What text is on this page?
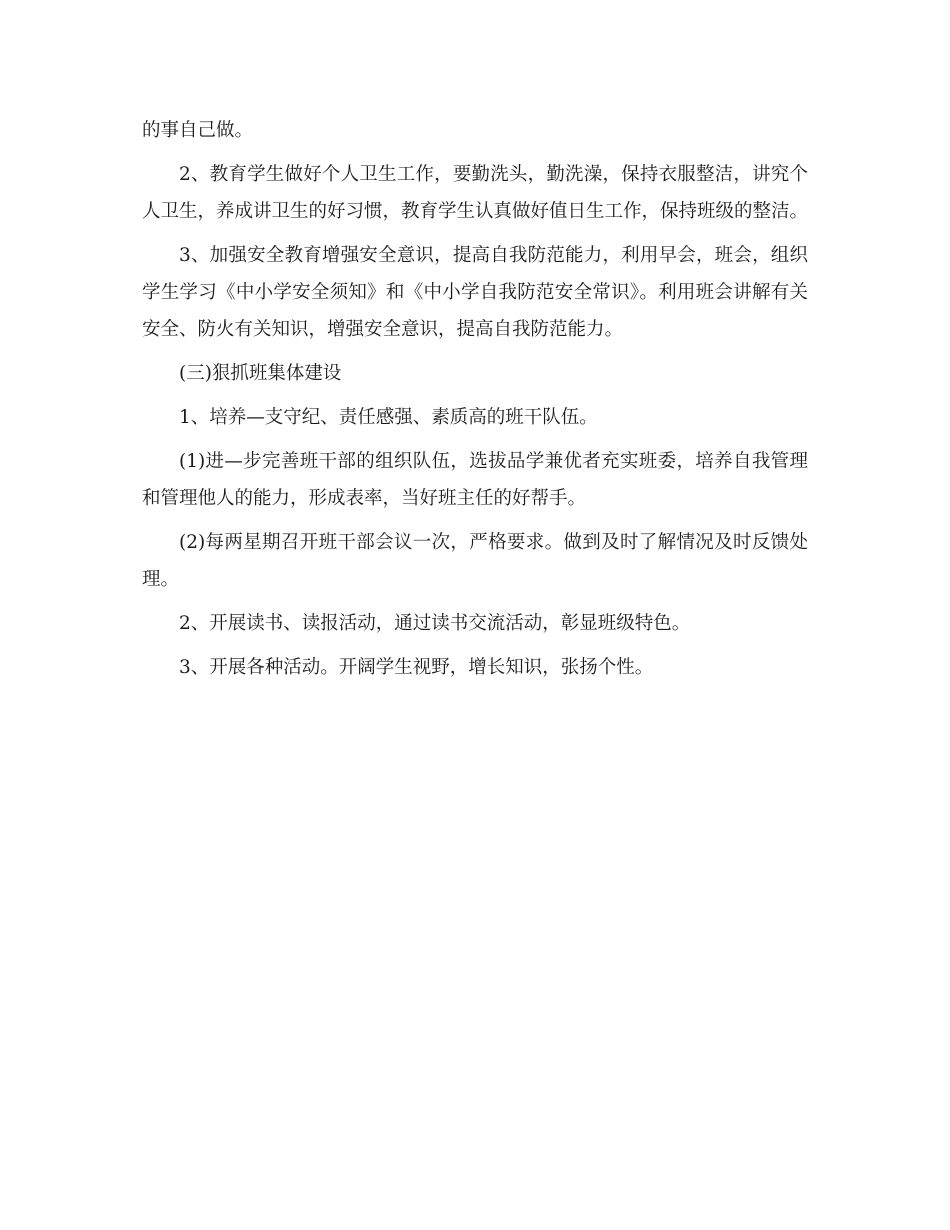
的事自己做。

2、教育学生做好个人卫生工作，要勤洗头，勤洗澡，保持衣服整洁，讲究个人卫生，养成讲卫生的好习惯，教育学生认真做好值日生工作，保持班级的整洁。

3、加强安全教育增强安全意识，提高自我防范能力，利用早会，班会，组织学生学习《中小学安全须知》和《中小学自我防范安全常识》。利用班会讲解有关安全、防火有关知识，增强安全意识，提高自我防范能力。

(三)狠抓班集体建设

1、培养—支守纪、责任感强、素质高的班干队伍。

(1)进—步完善班干部的组织队伍，选拔品学兼优者充实班委，培养自我管理和管理他人的能力，形成表率，当好班主任的好帮手。

(2)每两星期召开班干部会议一次，严格要求。做到及时了解情况及时反馈处理。

2、开展读书、读报活动，通过读书交流活动，彰显班级特色。

3、开展各种活动。开阔学生视野，增长知识，张扬个性。
